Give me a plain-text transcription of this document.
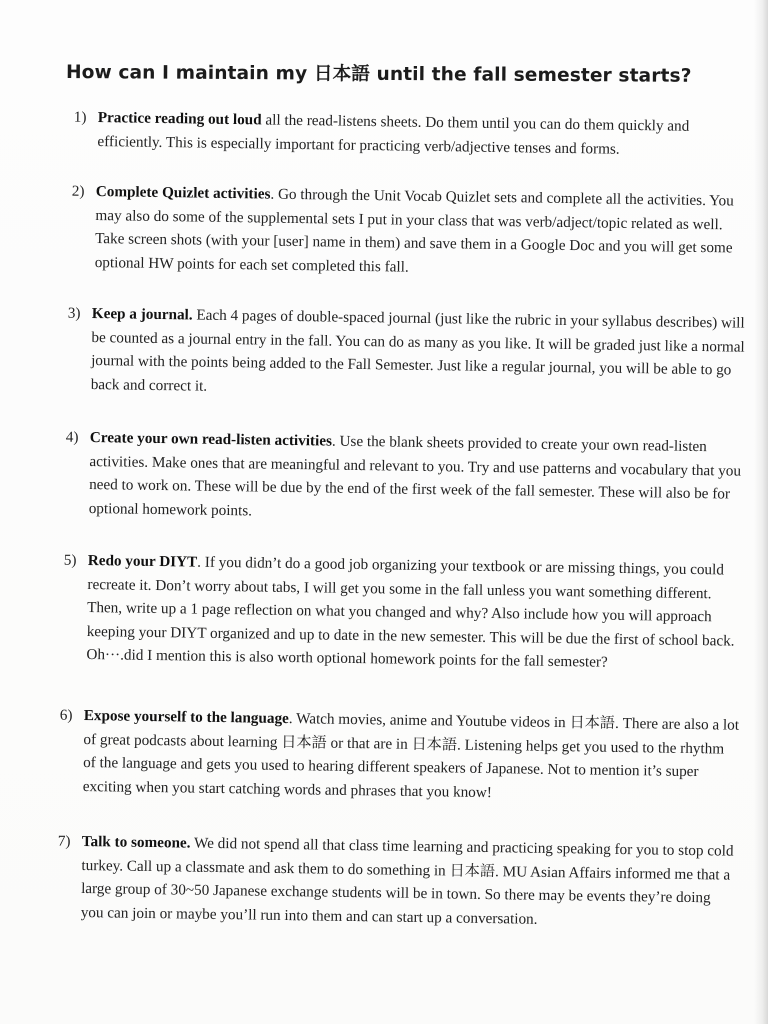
How can I maintain my 日本語 until the fall semester starts?
1) Practice reading out loud all the read-listens sheets. Do them until you can do them quickly and efficiently. This is especially important for practicing verb/adjective tenses and forms.
2) Complete Quizlet activities. Go through the Unit Vocab Quizlet sets and complete all the activities. You may also do some of the supplemental sets I put in your class that was verb/adject/topic related as well. Take screen shots (with your [user] name in them) and save them in a Google Doc and you will get some optional HW points for each set completed this fall.
3) Keep a journal. Each 4 pages of double-spaced journal (just like the rubric in your syllabus describes) will be counted as a journal entry in the fall. You can do as many as you like. It will be graded just like a normal journal with the points being added to the Fall Semester. Just like a regular journal, you will be able to go back and correct it.
4) Create your own read-listen activities. Use the blank sheets provided to create your own read-listen activities. Make ones that are meaningful and relevant to you. Try and use patterns and vocabulary that you need to work on. These will be due by the end of the first week of the fall semester. These will also be for optional homework points.
5) Redo your DIYT. If you didn’t do a good job organizing your textbook or are missing things, you could recreate it. Don’t worry about tabs, I will get you some in the fall unless you want something different. Then, write up a 1 page reflection on what you changed and why? Also include how you will approach keeping your DIYT organized and up to date in the new semester. This will be due the first of school back. Oh···.did I mention this is also worth optional homework points for the fall semester?
6) Expose yourself to the language. Watch movies, anime and Youtube videos in 日本語. There are also a lot of great podcasts about learning 日本語 or that are in 日本語. Listening helps get you used to the rhythm of the language and gets you used to hearing different speakers of Japanese. Not to mention it’s super exciting when you start catching words and phrases that you know!
7) Talk to someone. We did not spend all that class time learning and practicing speaking for you to stop cold turkey. Call up a classmate and ask them to do something in 日本語. MU Asian Affairs informed me that a large group of 30~50 Japanese exchange students will be in town. So there may be events they’re doing you can join or maybe you’ll run into them and can start up a conversation.
